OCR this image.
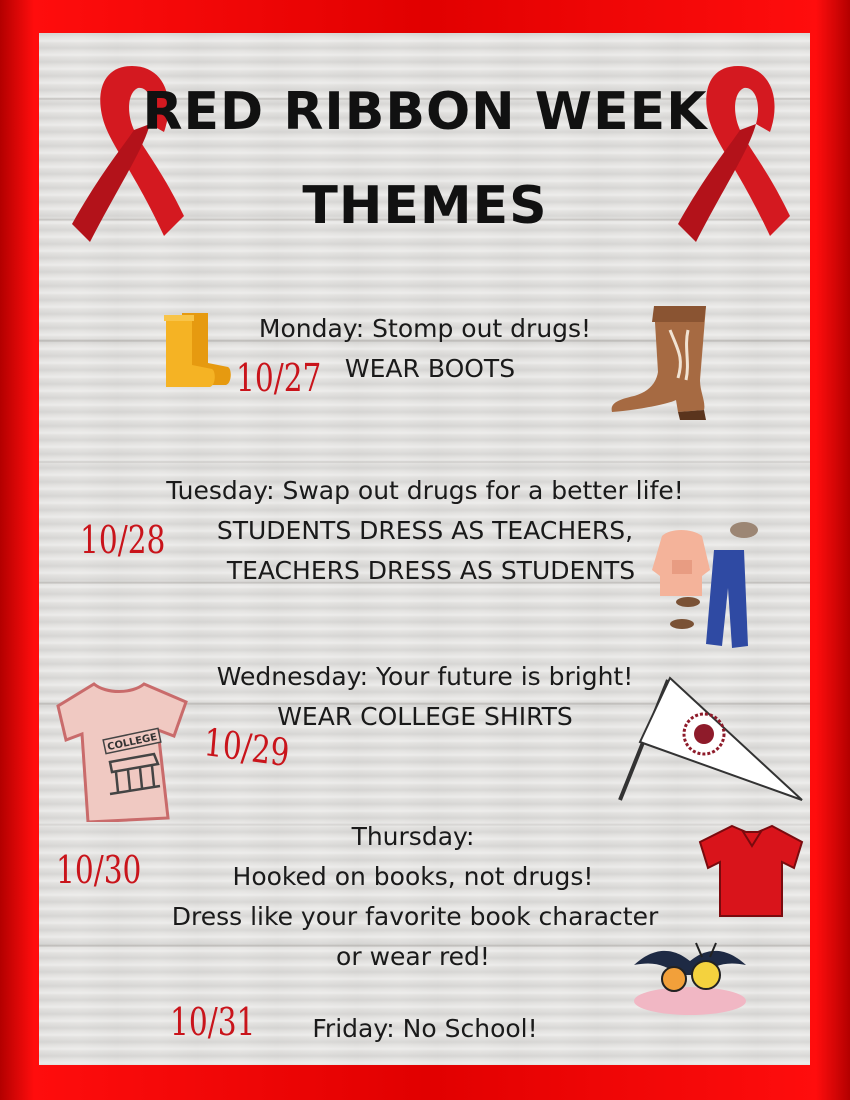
RED RIBBON WEEK
THEMES
Monday: Stomp out drugs!
10/27 WEAR BOOTS
Tuesday: Swap out drugs for a better life!
10/28	STUDENTS DRESS AS TEACHERS,
TEACHERS DRESS AS STUDENTS
Wednesday: Your future is bright!
WEAR COLLEGE SHIRTS
COLLEGE 10/29
Thursday:
10/30	Hooked on books, not drugs!
Dress like your favorite book character
or wear red!
10/31	Friday: No School!
